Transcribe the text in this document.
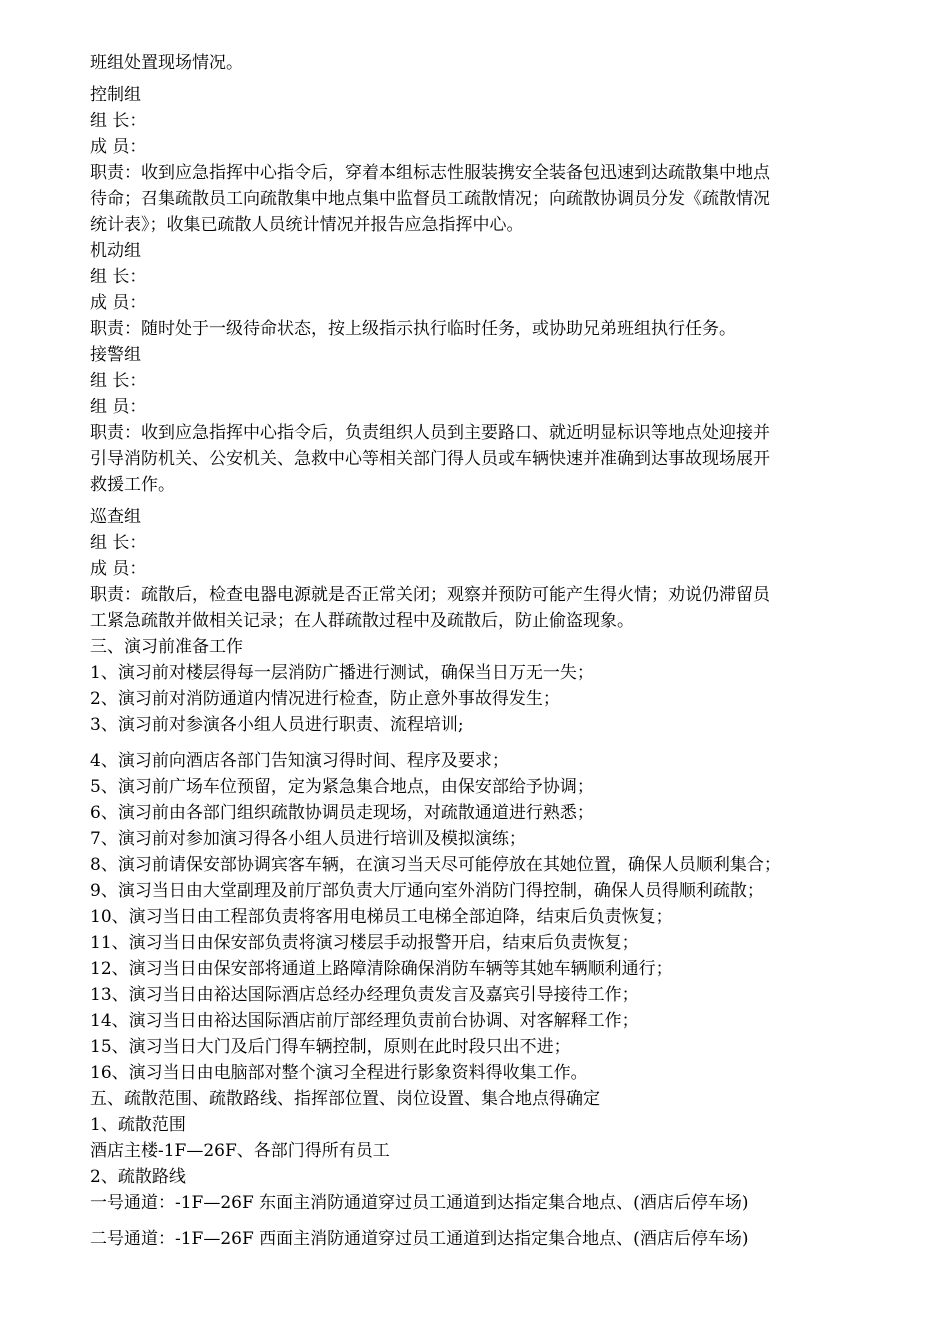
班组处置现场情况。
控制组
组 长：
成 员：
职责：收到应急指挥中心指令后，穿着本组标志性服装携安全装备包迅速到达疏散集中地点
待命；召集疏散员工向疏散集中地点集中监督员工疏散情况；向疏散协调员分发《疏散情况
统计表》；收集已疏散人员统计情况并报告应急指挥中心。
机动组
组 长：
成 员：
职责：随时处于一级待命状态，按上级指示执行临时任务，或协助兄弟班组执行任务。
接警组
组 长：
组 员：
职责：收到应急指挥中心指令后，负责组织人员到主要路口、就近明显标识等地点处迎接并
引导消防机关、公安机关、急救中心等相关部门得人员或车辆快速并准确到达事故现场展开
救援工作。
巡查组
组 长：
成 员：
职责：疏散后，检查电器电源就是否正常关闭；观察并预防可能产生得火情；劝说仍滞留员
工紧急疏散并做相关记录；在人群疏散过程中及疏散后，防止偷盗现象。
三、演习前准备工作
1、演习前对楼层得每一层消防广播进行测试，确保当日万无一失；
2、演习前对消防通道内情况进行检查，防止意外事故得发生；
3、演习前对参演各小组人员进行职责、流程培训;
4、演习前向酒店各部门告知演习得时间、程序及要求；
5、演习前广场车位预留，定为紧急集合地点，由保安部给予协调；
6、演习前由各部门组织疏散协调员走现场，对疏散通道进行熟悉；
7、演习前对参加演习得各小组人员进行培训及模拟演练；
8、演习前请保安部协调宾客车辆，在演习当天尽可能停放在其她位置，确保人员顺利集合；
9、演习当日由大堂副理及前厅部负责大厅通向室外消防门得控制，确保人员得顺利疏散；
10、演习当日由工程部负责将客用电梯员工电梯全部迫降，结束后负责恢复；
11、演习当日由保安部负责将演习楼层手动报警开启，结束后负责恢复；
12、演习当日由保安部将通道上路障清除确保消防车辆等其她车辆顺利通行；
13、演习当日由裕达国际酒店总经办经理负责发言及嘉宾引导接待工作；
14、演习当日由裕达国际酒店前厅部经理负责前台协调、对客解释工作；
15、演习当日大门及后门得车辆控制，原则在此时段只出不进；
16、演习当日由电脑部对整个演习全程进行影象资料得收集工作。
五、疏散范围、疏散路线、指挥部位置、岗位设置、集合地点得确定
1、疏散范围
酒店主楼-1F—26F、各部门得所有员工
2、疏散路线
一号通道：-1F—26F 东面主消防通道穿过员工通道到达指定集合地点、(酒店后停车场)
二号通道：-1F—26F 西面主消防通道穿过员工通道到达指定集合地点、(酒店后停车场)
